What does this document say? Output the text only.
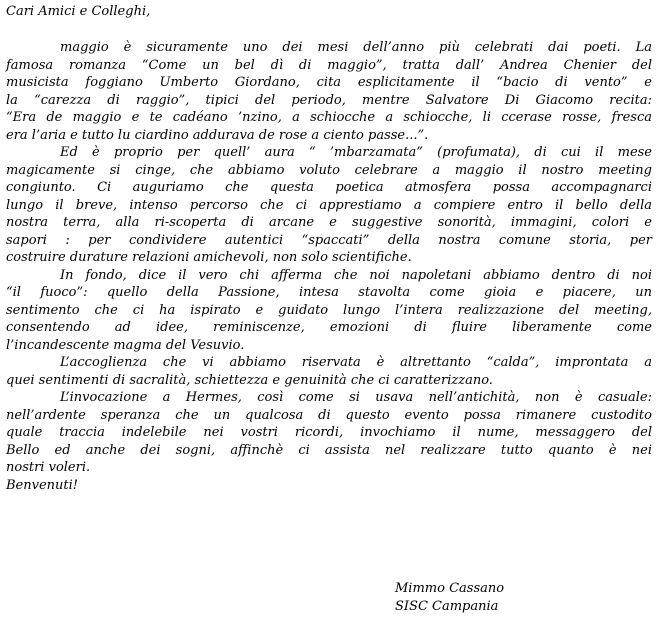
Cari Amici e Colleghi,
maggio è sicuramente uno dei mesi dell’anno più celebrati dai poeti. La
famosa romanza “Come un bel dì di maggio”, tratta dall’ Andrea Chenier del
musicista foggiano Umberto Giordano, cita esplicitamente il “bacio di vento” e
la “carezza di raggio”, tipici del periodo, mentre Salvatore Di Giacomo recita:
“Era de maggio e te cadéano ’nzino, a schiocche a schiocche, li ccerase rosse, fresca
era l’aria e tutto lu ciardino addurava de rose a ciento passe...”.
Ed è proprio per quell’ aura “ ’mbarzamata” (profumata), di cui il mese
magicamente si cinge, che abbiamo voluto celebrare a maggio il nostro meeting
congiunto. Ci auguriamo che questa poetica atmosfera possa accompagnarci
lungo il breve, intenso percorso che ci apprestiamo a compiere entro il bello della
nostra terra, alla ri-scoperta di arcane e suggestive sonorità, immagini, colori e
sapori : per condividere autentici “spaccati” della nostra comune storia, per
costruire durature relazioni amichevoli, non solo scientifiche.
In fondo, dice il vero chi afferma che noi napoletani abbiamo dentro di noi
“il fuoco”: quello della Passione, intesa stavolta come gioia e piacere, un
sentimento che ci ha ispirato e guidato lungo l’intera realizzazione del meeting,
consentendo ad idee, reminiscenze, emozioni di fluire liberamente come
l’incandescente magma del Vesuvio.
L’accoglienza che vi abbiamo riservata è altrettanto “calda”, improntata a
quei sentimenti di sacralità, schiettezza e genuinità che ci caratterizzano.
L’invocazione a Hermes, così come si usava nell’antichità, non è casuale:
nell’ardente speranza che un qualcosa di questo evento possa rimanere custodito
quale traccia indelebile nei vostri ricordi, invochiamo il nume, messaggero del
Bello ed anche dei sogni, affinchè ci assista nel realizzare tutto quanto è nei
nostri voleri.
Benvenuti!
Mimmo Cassano
SISC Campania
